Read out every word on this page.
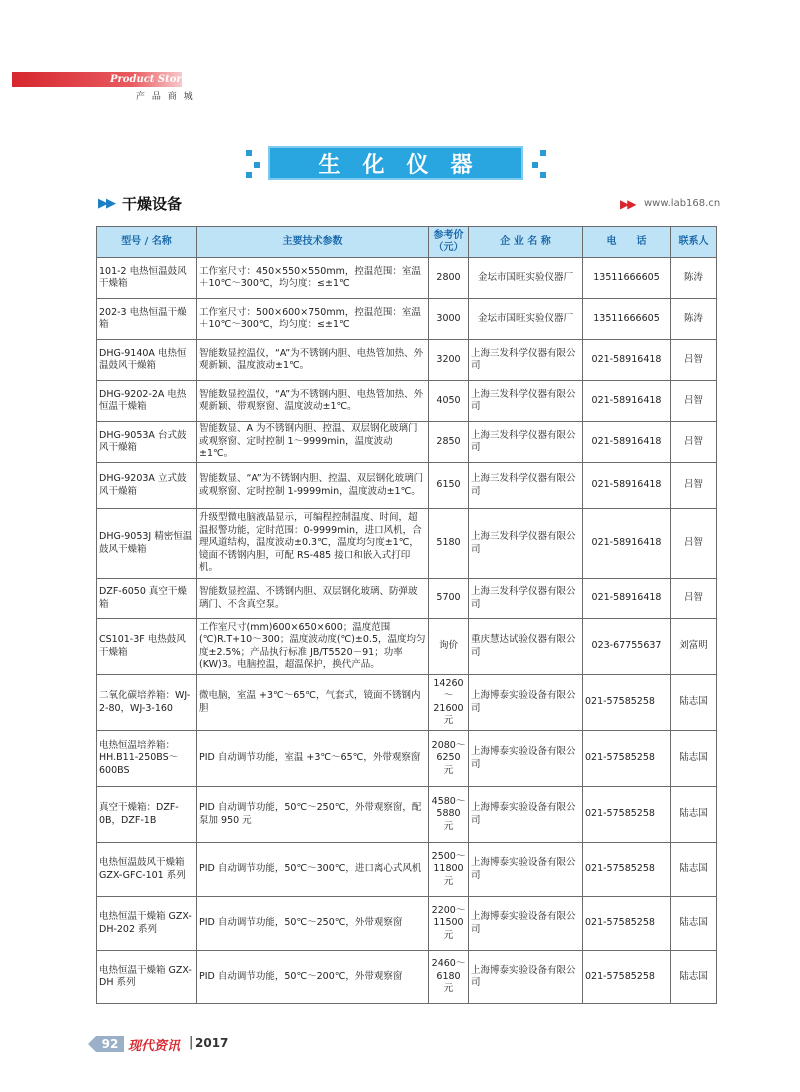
Product Store
产 品 商 城
生化仪器
▶▶ 干燥设备	▶▶ www.lab168.cn
型号 / 名称	主要技术参数	参考价（元）	企 业 名 称	电　　话	联系人
101-2 电热恒温鼓风干燥箱	工作室尺寸：450×550×550mm，控温范围：室温＋10℃～300℃，均匀度：≤±1℃	2800	金坛市国旺实验仪器厂	13511666605	陈涛
202-3 电热恒温干燥箱	工作室尺寸：500×600×750mm，控温范围：室温＋10℃～300℃，均匀度：≤±1℃	3000	金坛市国旺实验仪器厂	13511666605	陈涛
DHG-9140A 电热恒温鼓风干燥箱	智能数显控温仪，“A”为不锈钢内胆、电热管加热、外观新颖、温度波动±1℃。	3200	上海三发科学仪器有限公司	021-58916418	吕智
DHG-9202-2A 电热恒温干燥箱	智能数显控温仪，“A”为不锈钢内胆、电热管加热、外观新颖、带观察窗、温度波动±1℃。	4050	上海三发科学仪器有限公司	021-58916418	吕智
DHG-9053A 台式鼓风干燥箱	智能数显、A 为不锈钢内胆、控温、双层钢化玻璃门或观察窗、定时控制 1～9999min，温度波动±1℃。	2850	上海三发科学仪器有限公司	021-58916418	吕智
DHG-9203A 立式鼓风干燥箱	智能数显、“A”为不锈钢内胆、控温、双层钢化玻璃门或观察窗、定时控制 1-9999min，温度波动±1℃。	6150	上海三发科学仪器有限公司	021-58916418	吕智
DHG-9053J 精密恒温鼓风干燥箱	升级型微电脑液晶显示，可编程控制温度、时间，超温报警功能，定时范围：0-9999min，进口风机，合理风道结构，温度波动±0.3℃，温度均匀度±1℃，镜面不锈钢内胆，可配 RS-485 接口和嵌入式打印机。	5180	上海三发科学仪器有限公司	021-58916418	吕智
DZF-6050 真空干燥箱	智能数显控温、不锈钢内胆、双层钢化玻璃、防弹玻璃门、不含真空泵。	5700	上海三发科学仪器有限公司	021-58916418	吕智
CS101-3F 电热鼓风干燥箱	工作室尺寸(mm)600×650×600；温度范围(℃)R.T+10～300；温度波动度(℃)±0.5，温度均匀度±2.5%；产品执行标准 JB/T5520－91；功率(KW)3。电脑控温，超温保护，换代产品。	询价	重庆慧达试验仪器有限公司	023-67755637	刘富明
二氧化碳培养箱：WJ-2-80，WJ-3-160	微电脑，室温 +3℃～65℃，气套式，镜面不锈钢内胆	14260～21600 元	上海博泰实验设备有限公司	021-57585258	陆志国
电热恒温培养箱：HH.B11-250BS～600BS	PID 自动调节功能，室温 +3℃～65℃，外带观察窗	2080～6250 元	上海博泰实验设备有限公司	021-57585258	陆志国
真空干燥箱：DZF-0B，DZF-1B	PID 自动调节功能，50℃～250℃，外带观察窗，配泵加 950 元	4580～5880 元	上海博泰实验设备有限公司	021-57585258	陆志国
电热恒温鼓风干燥箱 GZX-GFC-101 系列	PID 自动调节功能，50℃～300℃，进口离心式风机	2500～11800 元	上海博泰实验设备有限公司	021-57585258	陆志国
电热恒温干燥箱 GZX-DH-202 系列	PID 自动调节功能，50℃～250℃，外带观察窗	2200～11500 元	上海博泰实验设备有限公司	021-57585258	陆志国
电热恒温干燥箱 GZX-DH 系列	PID 自动调节功能，50℃～200℃，外带观察窗	2460～6180 元	上海博泰实验设备有限公司	021-57585258	陆志国
92 现代资讯 | 2017
